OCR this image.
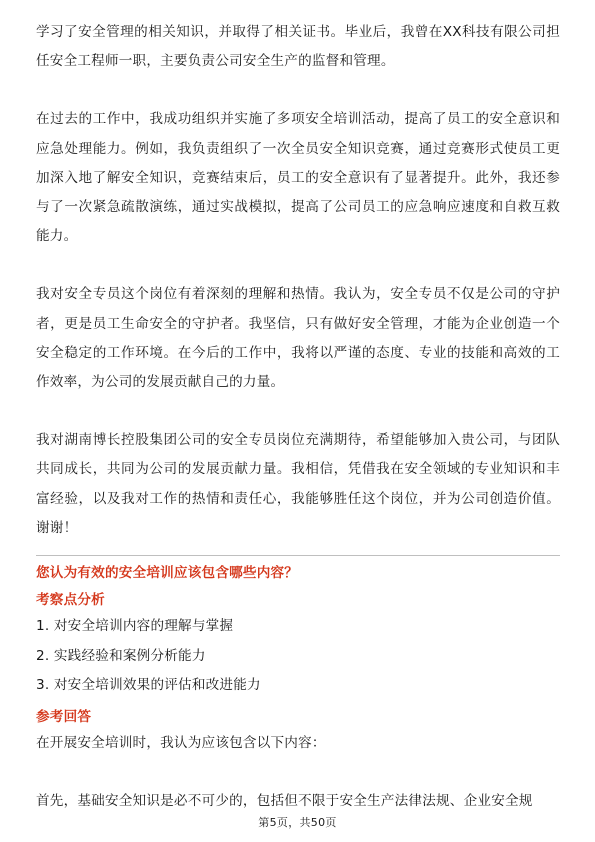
学习了安全管理的相关知识，并取得了相关证书。毕业后，我曾在XX科技有限公司担任安全工程师一职，主要负责公司安全生产的监督和管理。

在过去的工作中，我成功组织并实施了多项安全培训活动，提高了员工的安全意识和应急处理能力。例如，我负责组织了一次全员安全知识竞赛，通过竞赛形式使员工更加深入地了解安全知识，竞赛结束后，员工的安全意识有了显著提升。此外，我还参与了一次紧急疏散演练，通过实战模拟，提高了公司员工的应急响应速度和自救互救能力。

我对安全专员这个岗位有着深刻的理解和热情。我认为，安全专员不仅是公司的守护者，更是员工生命安全的守护者。我坚信，只有做好安全管理，才能为企业创造一个安全稳定的工作环境。在今后的工作中，我将以严谨的态度、专业的技能和高效的工作效率，为公司的发展贡献自己的力量。

我对湖南博长控股集团公司的安全专员岗位充满期待，希望能够加入贵公司，与团队共同成长，共同为公司的发展贡献力量。我相信，凭借我在安全领域的专业知识和丰富经验，以及我对工作的热情和责任心，我能够胜任这个岗位，并为公司创造价值。谢谢！

您认为有效的安全培训应该包含哪些内容？

考察点分析

1. 对安全培训内容的理解与掌握
2. 实践经验和案例分析能力
3. 对安全培训效果的评估和改进能力

参考回答

在开展安全培训时，我认为应该包含以下内容：

首先，基础安全知识是必不可少的，包括但不限于安全生产法律法规、企业安全规

第5页，共50页
